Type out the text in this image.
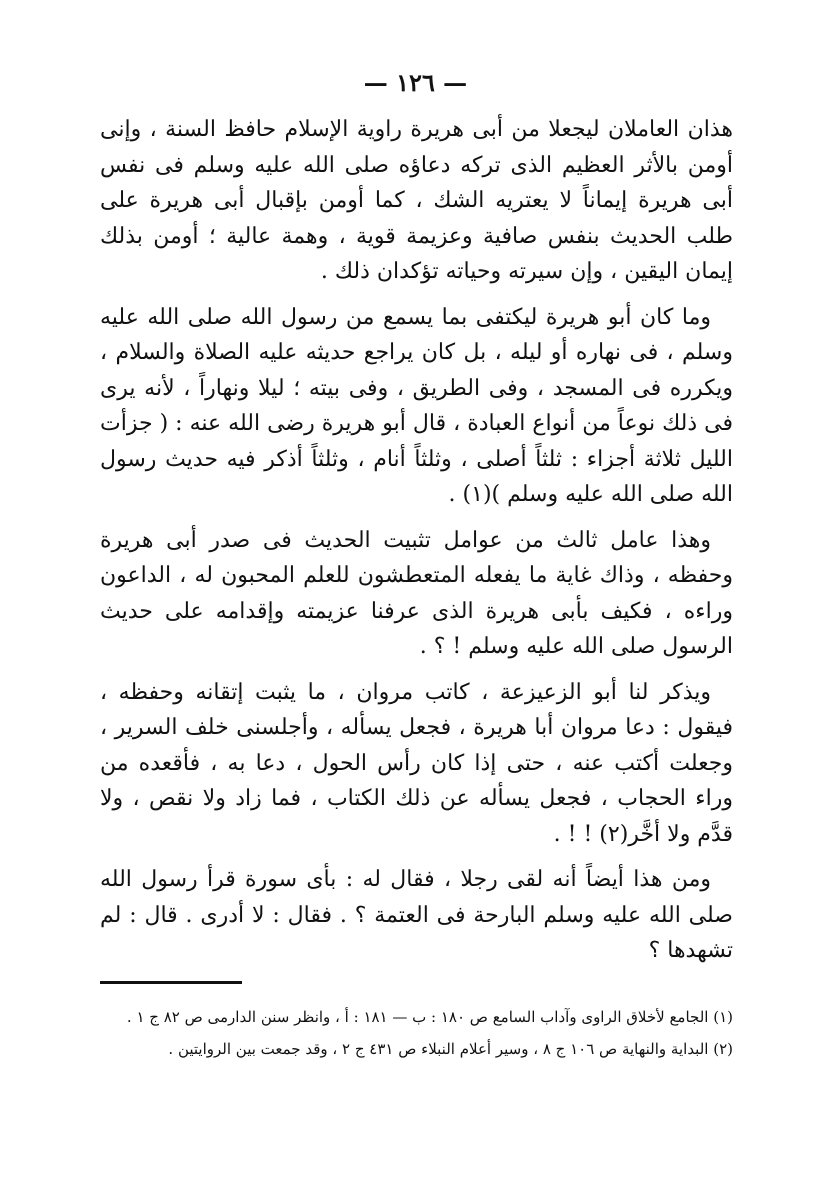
— ١٢٦ —

هذان العاملان ليجعلا من أبى هريرة راوية الإسلام حافظ السنة ، وإنى أومن بالأثر العظيم الذى تركه دعاؤه صلى الله عليه وسلم فى نفس أبى هريرة إيماناً لا يعتريه الشك ، كما أومن بإقبال أبى هريرة على طلب الحديث بنفس صافية وعزيمة قوية ، وهمة عالية ؛ أومن بذلك إيمان اليقين ، وإن سيرته وحياته تؤكدان ذلك .

وما كان أبو هريرة ليكتفى بما يسمع من رسول الله صلى الله عليه وسلم ، فى نهاره أو ليله ، بل كان يراجع حديثه عليه الصلاة والسلام ، ويكرره فى المسجد ، وفى الطريق ، وفى بيته ؛ ليلا ونهاراً ، لأنه يرى فى ذلك نوعاً من أنواع العبادة ، قال أبو هريرة رضى الله عنه : ( جزأت الليل ثلاثة أجزاء : ثلثاً أصلى ، وثلثاً أنام ، وثلثاً أذكر فيه حديث رسول الله صلى الله عليه وسلم )(١) .

وهذا عامل ثالث من عوامل تثبيت الحديث فى صدر أبى هريرة وحفظه ، وذاك غاية ما يفعله المتعطشون للعلم المحبون له ، الداعون وراءه ، فكيف بأبى هريرة الذى عرفنا عزيمته وإقدامه على حديث الرسول صلى الله عليه وسلم ! ؟ .

ويذكر لنا أبو الزعيزعة ، كاتب مروان ، ما يثبت إتقانه وحفظه ، فيقول : دعا مروان أبا هريرة ، فجعل يسأله ، وأجلسنى خلف السرير ، وجعلت أكتب عنه ، حتى إذا كان رأس الحول ، دعا به ، فأقعده من وراء الحجاب ، فجعل يسأله عن ذلك الكتاب ، فما زاد ولا نقص ، ولا قدَّم ولا أخَّر(٢) ! ! .

ومن هذا أيضاً أنه لقى رجلا ، فقال له : بأى سورة قرأ رسول الله صلى الله عليه وسلم البارحة فى العتمة ؟ . فقال : لا أدرى . قال : لم تشهدها ؟

(١) الجامع لأخلاق الراوى وآداب السامع ص ١٨٠ : ب — ١٨١ : أ ، وانظر سنن الدارمى ص ٨٢ ج ١ .

(٢) البداية والنهاية ص ١٠٦ ج ٨ ، وسير أعلام النبلاء ص ٤٣١ ج ٢ ، وقد جمعت بين الروايتين .
